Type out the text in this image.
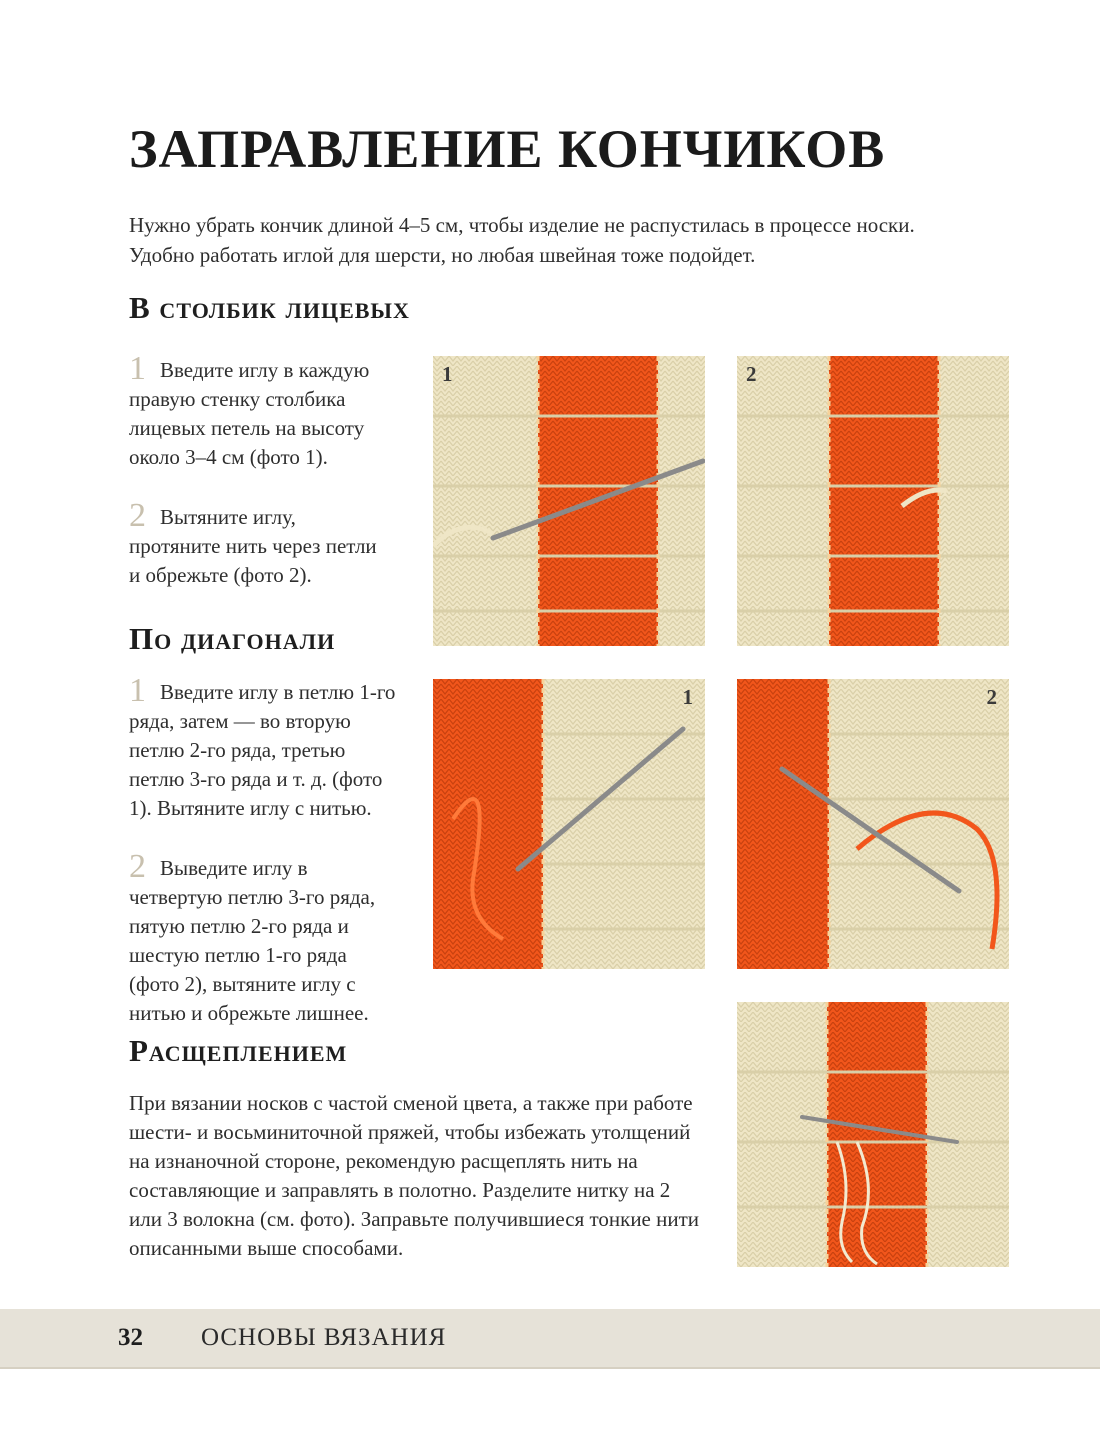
ЗАПРАВЛЕНИЕ КОНЧИКОВ
Нужно убрать кончик длиной 4–5 см, чтобы изделие не распустилась в процессе носки. Удобно работать иглой для шерсти, но любая швейная тоже подойдет.
В столбик лицевых
1 Введите иглу в каждую правую стенку столбика лицевых петель на высоту около 3–4 см (фото 1).
2 Вытяните иглу, протяните нить через петли и обрежьте (фото 2).
1	2
По диагонали
1 Введите иглу в петлю 1-го ряда, затем — во вторую петлю 2-го ряда, третью петлю 3-го ряда и т. д. (фото 1). Вытяните иглу с нитью.
2 Выведите иглу в четвертую петлю 3-го ряда, пятую петлю 2-го ряда и шестую петлю 1-го ряда (фото 2), вытяните иглу с нитью и обрежьте лишнее.
1	2
Расщеплением
При вязании носков с частой сменой цвета, а также при работе шести- и восьминиточной пряжей, чтобы избежать утолщений на изнаночной стороне, рекомендую расщеплять нить на составляющие и заправлять в полотно. Разделите нитку на 2 или 3 волокна (см. фото). Заправьте получившиеся тонкие нити описанными выше способами.
32 ОСНОВЫ ВЯЗАНИЯ
